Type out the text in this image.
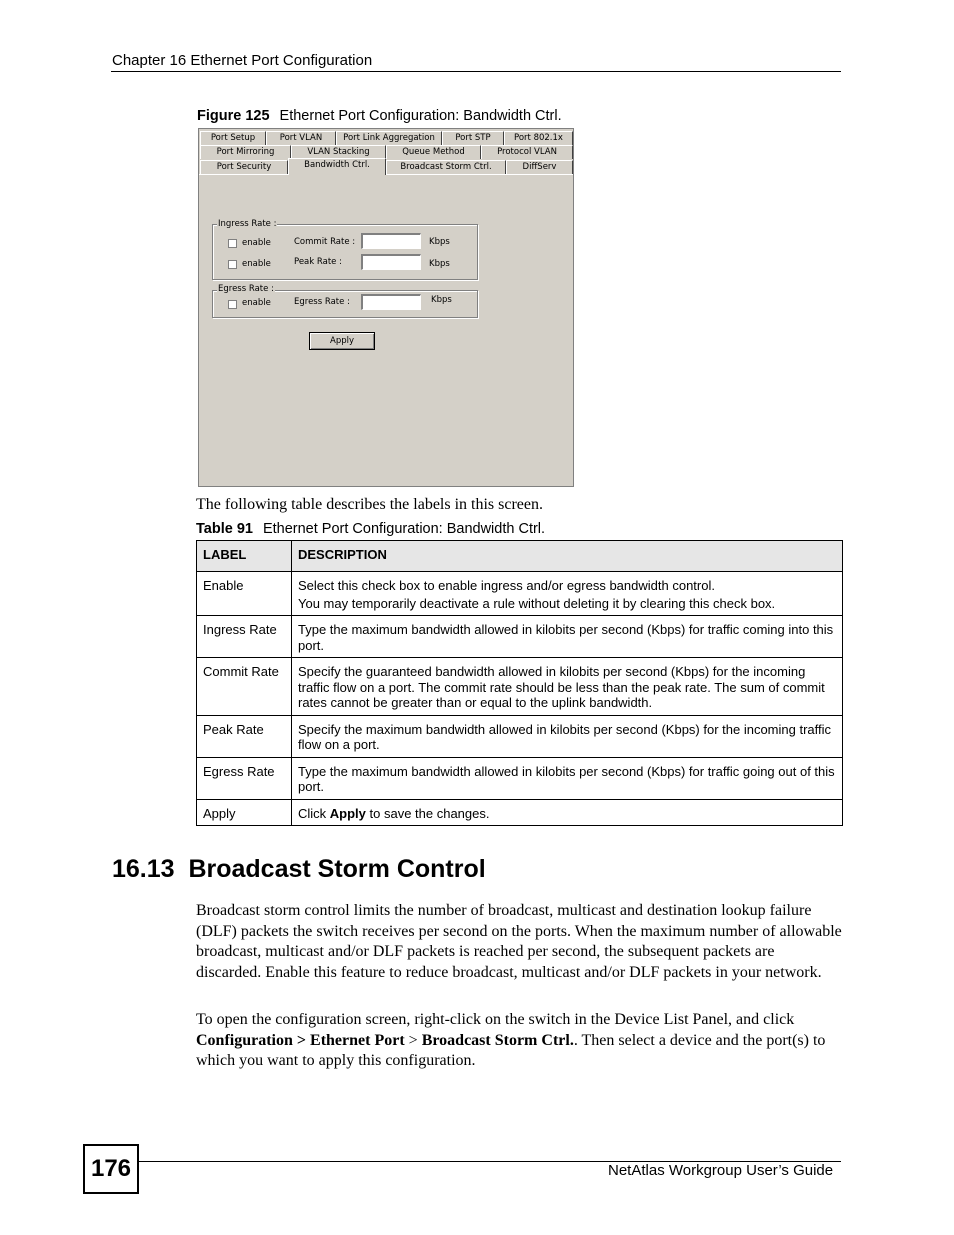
Chapter 16 Ethernet Port Configuration
Figure 125 Ethernet Port Configuration: Bandwidth Ctrl.
Port Setup	Port VLAN	Port Link Aggregation	Port STP	Port 802.1x
Port Mirroring	VLAN Stacking	Queue Method	Protocol VLAN
Port Security	Bandwidth Ctrl.	Broadcast Storm Ctrl.	DiffServ
Ingress Rate :
enable	Commit Rate :	Kbps
enable	Peak Rate :	Kbps
Egress Rate :
enable	Egress Rate :	Kbps
Apply
The following table describes the labels in this screen.
Table 91 Ethernet Port Configuration: Bandwidth Ctrl.
LABEL	DESCRIPTION
Enable	Select this check box to enable ingress and/or egress bandwidth control.

You may temporarily deactivate a rule without deleting it by clearing this check box.

Ingress Rate	Type the maximum bandwidth allowed in kilobits per second (Kbps) for traffic coming into this port.
Commit Rate	Specify the guaranteed bandwidth allowed in kilobits per second (Kbps) for the incoming traffic flow on a port. The commit rate should be less than the peak rate. The sum of commit rates cannot be greater than or equal to the uplink bandwidth.
Peak Rate	Specify the maximum bandwidth allowed in kilobits per second (Kbps) for the incoming traffic flow on a port.
Egress Rate	Type the maximum bandwidth allowed in kilobits per second (Kbps) for traffic going out of this port.
Apply	Click Apply to save the changes.
16.13  Broadcast Storm Control
Broadcast storm control limits the number of broadcast, multicast and destination lookup failure (DLF) packets the switch receives per second on the ports. When the maximum number of allowable broadcast, multicast and/or DLF packets is reached per second, the subsequent packets are discarded. Enable this feature to reduce broadcast, multicast and/or DLF packets in your network.
To open the configuration screen, right-click on the switch in the Device List Panel, and click Configuration > Ethernet Port > Broadcast Storm Ctrl.. Then select a device and the port(s) to which you want to apply this configuration.
176	NetAtlas Workgroup User’s Guide
